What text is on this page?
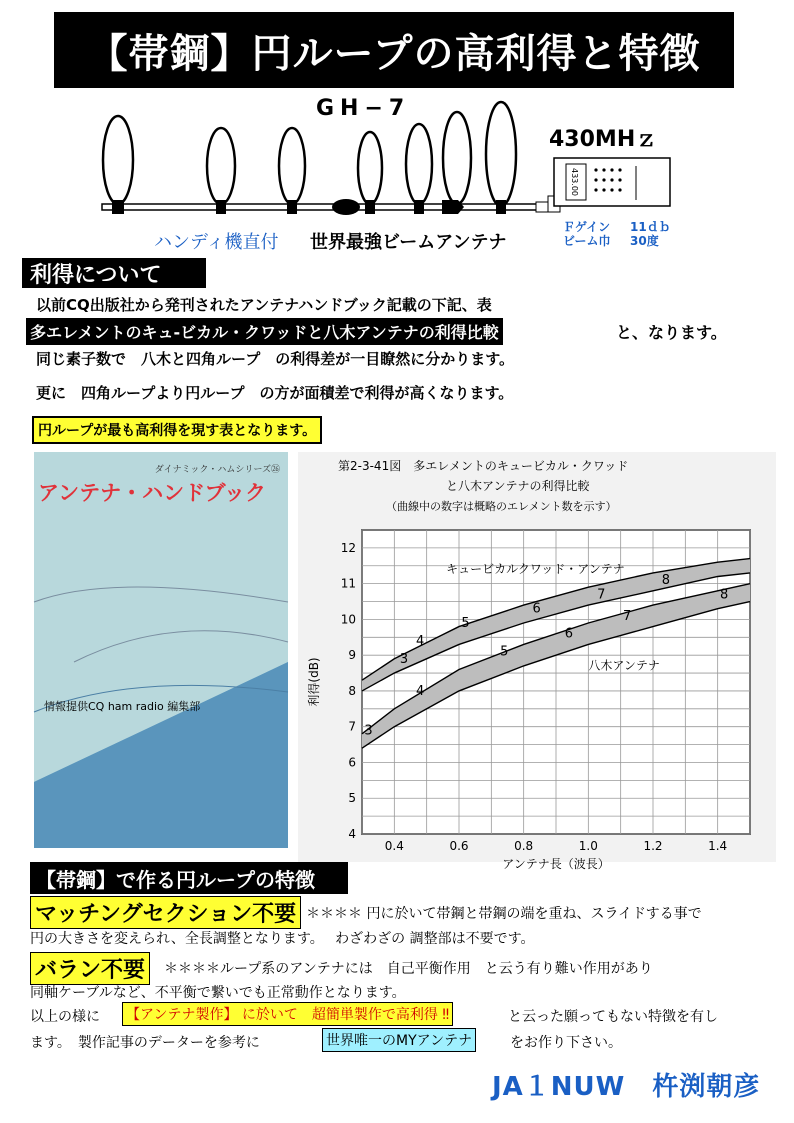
【帯鋼】円ループの高利得と特徴
433.00
GH−7
430MHｚ
ハンディ機直付 世界最強ビームアンテナ
Ｆゲイン
ビーム巾
11ｄｂ
30度
利得について
以前CQ出版社から発刊されたアンテナハンドブック記載の下記、表
多エレメントのキュ-ビカル・クワッドと八木アンテナの利得比較	と、なります。
同じ素子数で　八木と四角ループ　の利得差が一目瞭然に分かります。
更に　四角ループより円ループ　の方が面積差で利得が高くなります。
円ループが最も高利得を現す表となります。
ダイナミック・ハムシリーズ㉖
アンテナ・ハンドブック
情報提供CQ ham radio 編集部
第2-3-41図　多エレメントのキュービカル・クワッド
と八木アンテナの利得比較
（曲線中の数字は概略のエレメント数を示す）
0.4	0.6	0.8	1.0	1.2	1.4
4
5
6
7
8
9
10
11
12
アンテナ長（波長）
利得(dB)	3
4
5
6
7
8
キュービカルクワッド・アンテナ
3
4
5
6
7
8
八木アンテナ
【帯鋼】で作る円ループの特徴
マッチングセクション不要 ＊＊＊＊ 円に於いて帯鋼と帯鋼の端を重ね、スライドする事で
円の大きさを変えられ、全長調整となります。　 わざわざの 調整部は不要です。
バラン不要	＊＊＊＊ループ系のアンテナには　自己平衡作用　と云う有り難い作用があり
同軸ケーブルなど、不平衡で繋いでも正常動作となります。
以上の様に 【アンテナ製作】 に於いて　超簡単製作で高利得 ‼	と云った願ってもない特徴を有し
ます。　製作記事のデーターを参考に	世界唯一のMYアンテナ	をお作り下さい。
JA１NUW　杵渕朝彦
